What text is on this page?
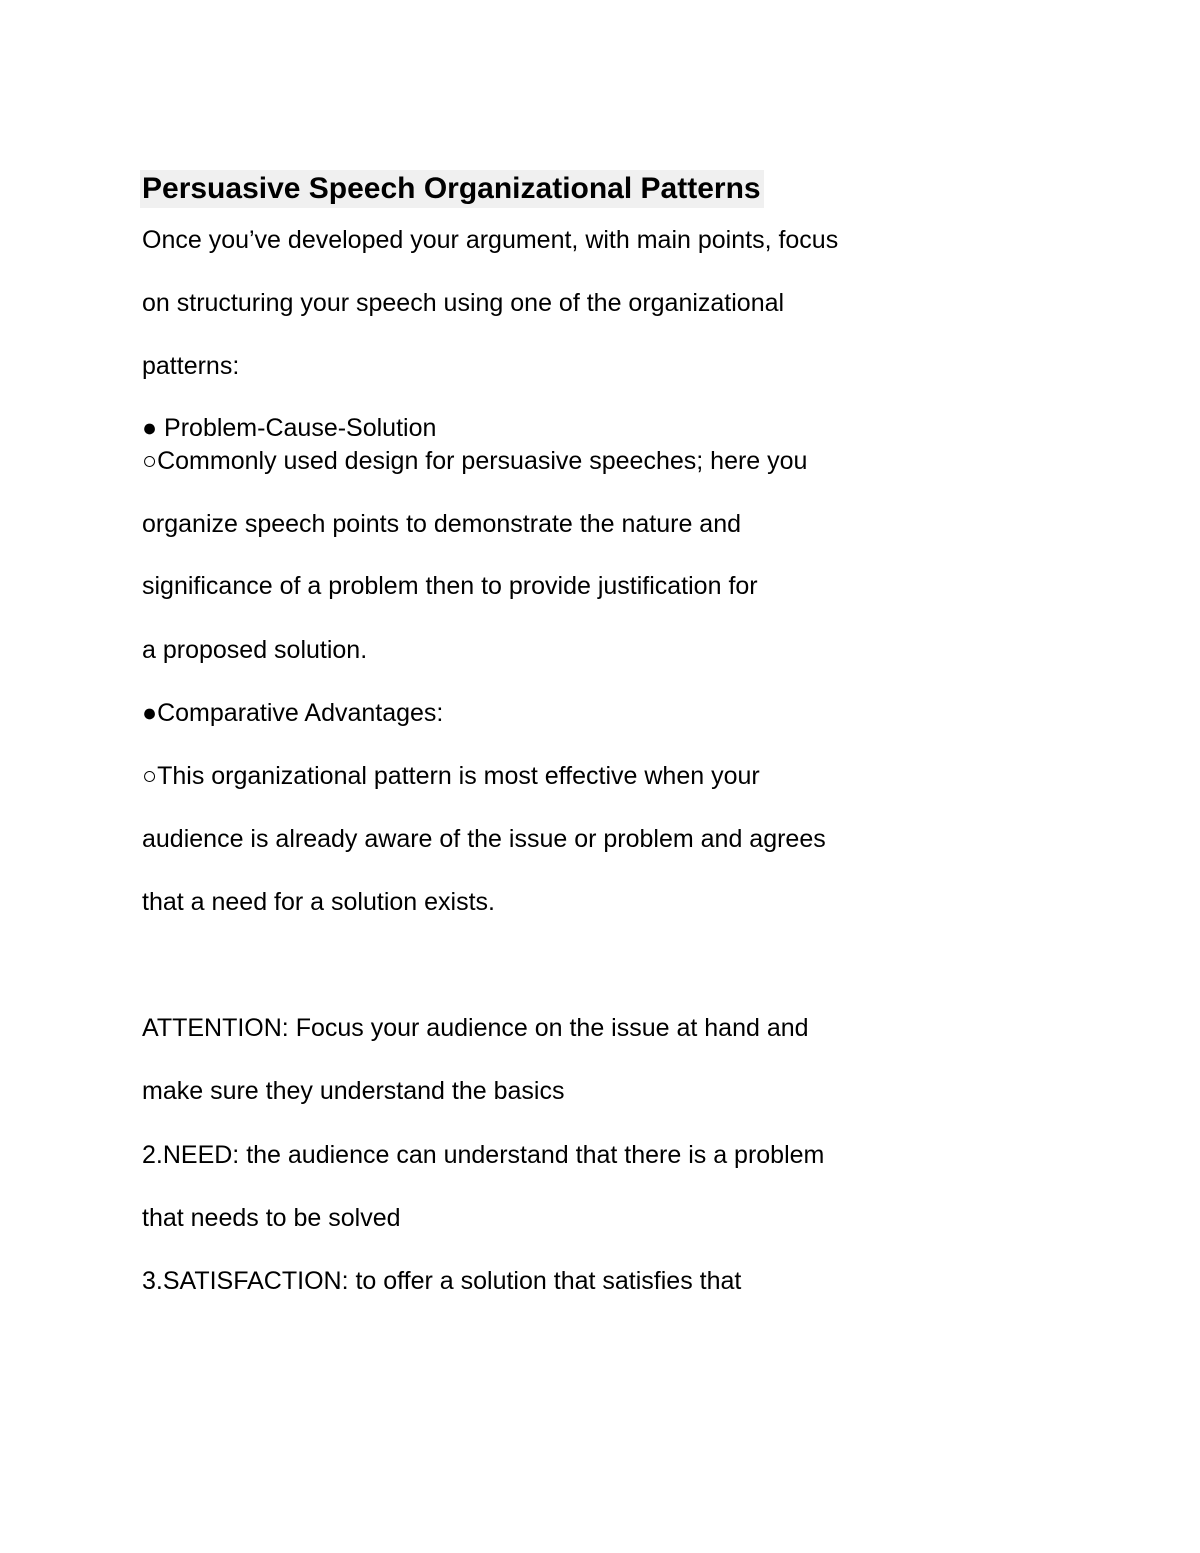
Persuasive Speech Organizational Patterns
Once you’ve developed your argument, with main points, focus
on structuring your speech using one of the organizational
patterns:
● Problem-Cause-Solution
○Commonly used design for persuasive speeches; here you
organize speech points to demonstrate the nature and
significance of a problem then to provide justification for
a proposed solution.
●Comparative Advantages:
○This organizational pattern is most effective when your
audience is already aware of the issue or problem and agrees
that a need for a solution exists.
ATTENTION: Focus your audience on the issue at hand and
make sure they understand the basics
2.NEED: the audience can understand that there is a problem
that needs to be solved
3.SATISFACTION: to offer a solution that satisfies that
